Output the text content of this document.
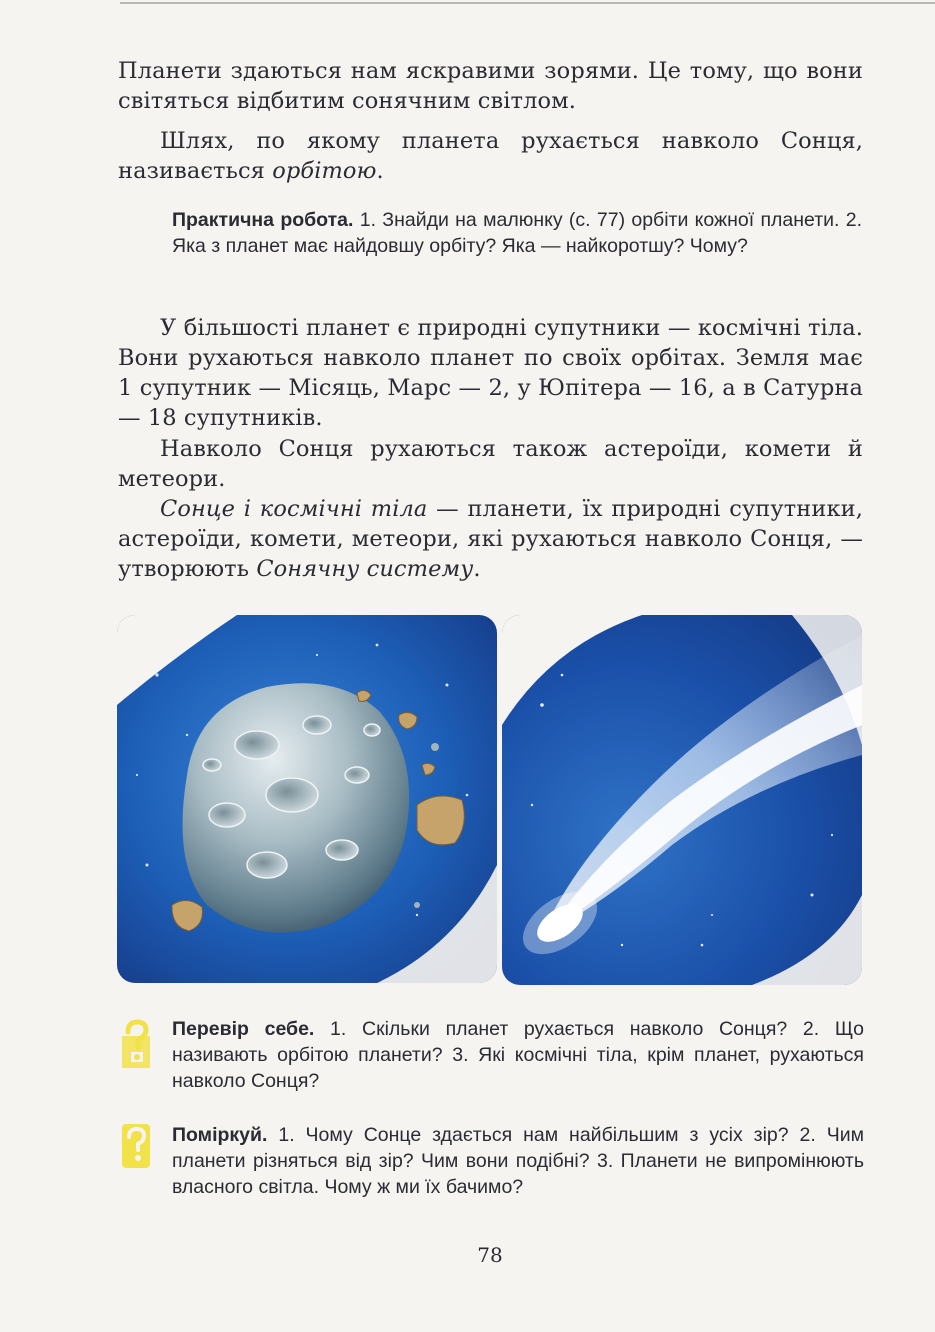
Планети здаються нам яскравими зорями. Це тому, що вони світяться відбитим сонячним світлом.

Шлях, по якому планета рухається навколо Сонця, називається орбітою.

Практична робота. 1. Знайди на малюнку (с. 77) орбіти кожної планети. 2. Яка з планет має найдовшу орбіту? Яка — найкоротшу? Чому?

У більшості планет є природні супутники — космічні тіла. Вони рухаються навколо планет по своїх орбітах. Земля має 1 супутник — Місяць, Марс — 2, у Юпітера — 16, а в Сатурна — 18 супутників.

Навколо Сонця рухаються також астероїди, комети й метеори.

Сонце і космічні тіла — планети, їх природні супутники, астероїди, комети, метеори, які рухаються навколо Сонця, — утворюють Сонячну систему.

Перевір себе. 1. Скільки планет рухається навколо Сонця? 2. Що називають орбітою планети? 3. Які космічні тіла, крім планет, рухаються навколо Сонця?

Поміркуй. 1. Чому Сонце здається нам найбільшим з усіх зір? 2. Чим планети різняться від зір? Чим вони подібні? 3. Планети не випромінюють власного світла. Чому ж ми їх бачимо?

78
